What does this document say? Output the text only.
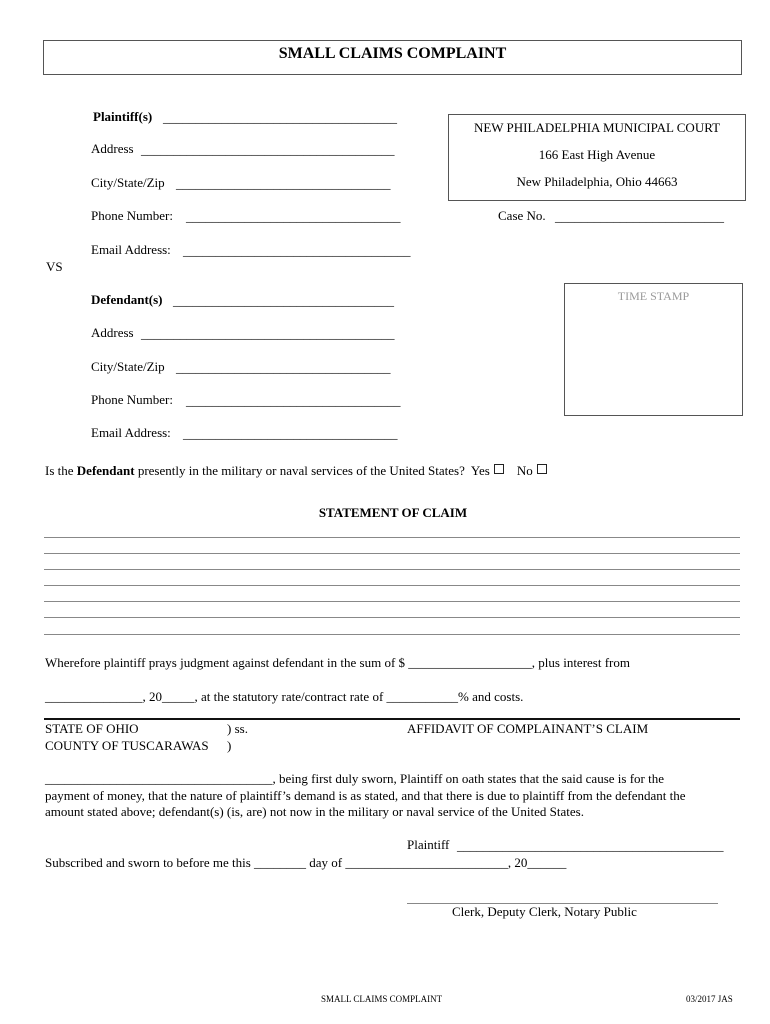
SMALL CLAIMS COMPLAINT
Plaintiff(s) ____________________________________
Address _______________________________________
City/State/Zip _________________________________
Phone Number: _________________________________
Email Address: ___________________________________
NEW PHILADELPHIA MUNICIPAL COURT
166 East High Avenue
New Philadelphia, Ohio 44663
Case No. __________________________
VS
TIME STAMP
Defendant(s) __________________________________
Address _______________________________________
City/State/Zip _________________________________
Phone Number: _________________________________
Email Address: _________________________________
Is the Defendant presently in the military or naval services of the United States? Yes No
STATEMENT OF CLAIM
Wherefore plaintiff prays judgment against defendant in the sum of $ ___________________, plus interest from
_______________, 20_____, at the statutory rate/contract rate of ___________% and costs.
STATE OF OHIO	) ss.
COUNTY OF TUSCARAWAS )
AFFIDAVIT OF COMPLAINANT’S CLAIM
___________________________________, being first duly sworn, Plaintiff on oath states that the said cause is for the
payment of money, that the nature of plaintiff’s demand is as stated, and that there is due to plaintiff from the defendant the
amount stated above; defendant(s) (is, are) not now in the military or naval service of the United States.
Plaintiff _________________________________________
Subscribed and sworn to before me this ________ day of _________________________, 20______
Clerk, Deputy Clerk, Notary Public
SMALL CLAIMS COMPLAINT	03/2017 JAS
